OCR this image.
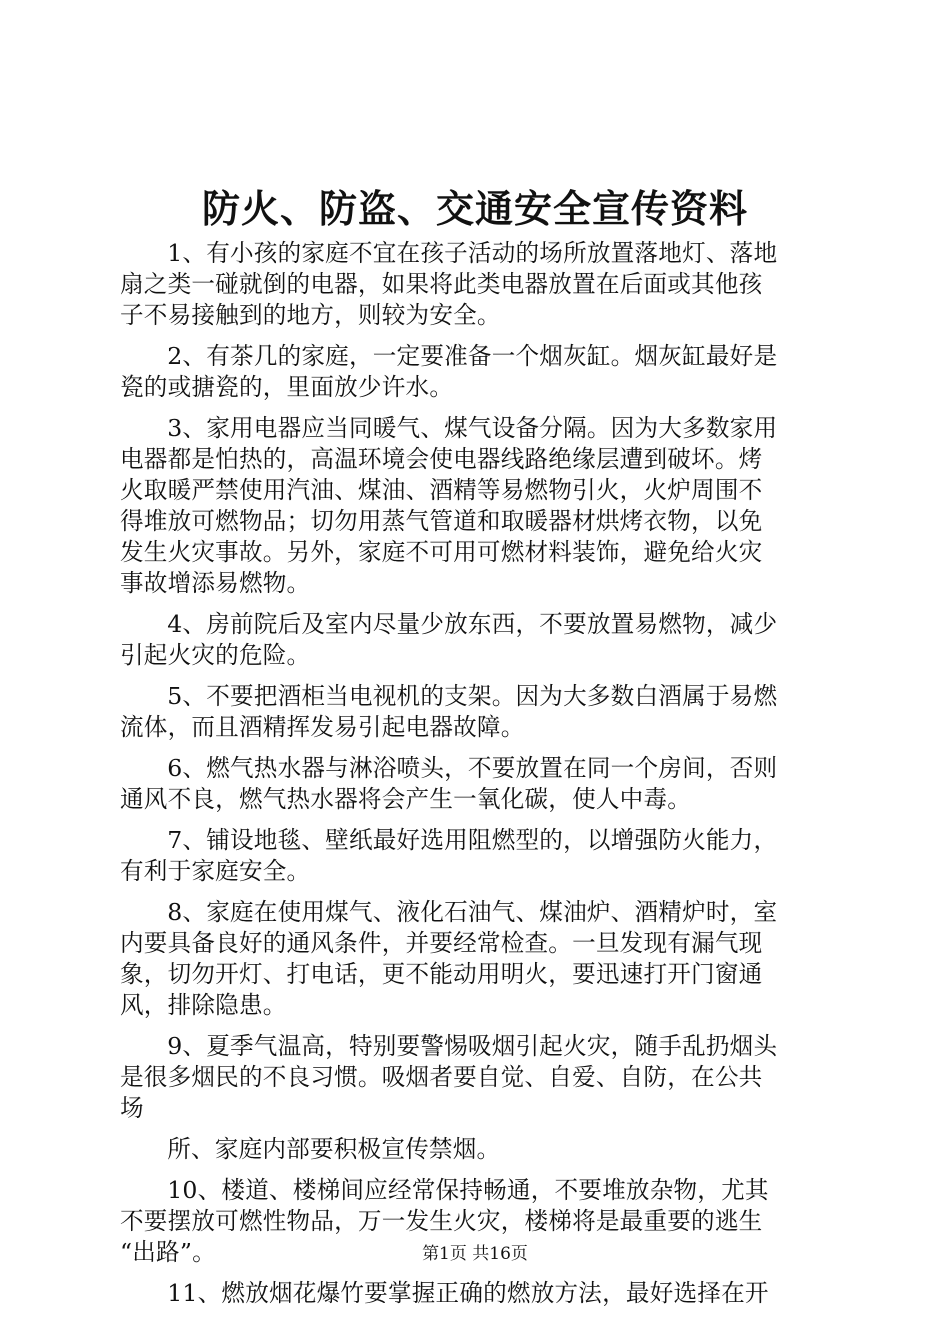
防火、防盗、交通安全宣传资料

1、有小孩的家庭不宜在孩子活动的场所放置落地灯、落地

扇之类一碰就倒的电器，如果将此类电器放置在后面或其他孩

子不易接触到的地方，则较为安全。

2、有茶几的家庭，一定要准备一个烟灰缸。烟灰缸最好是

瓷的或搪瓷的，里面放少许水。

3、家用电器应当同暖气、煤气设备分隔。因为大多数家用

电器都是怕热的，高温环境会使电器线路绝缘层遭到破坏。烤

火取暖严禁使用汽油、煤油、酒精等易燃物引火，火炉周围不

得堆放可燃物品；切勿用蒸气管道和取暖器材烘烤衣物，以免

发生火灾事故。另外，家庭不可用可燃材料装饰，避免给火灾

事故增添易燃物。

4、房前院后及室内尽量少放东西，不要放置易燃物，减少

引起火灾的危险。

5、不要把酒柜当电视机的支架。因为大多数白酒属于易燃

流体，而且酒精挥发易引起电器故障。

6、燃气热水器与淋浴喷头，不要放置在同一个房间，否则

通风不良，燃气热水器将会产生一氧化碳，使人中毒。

7、铺设地毯、壁纸最好选用阻燃型的，以增强防火能力，

有利于家庭安全。

8、家庭在使用煤气、液化石油气、煤油炉、酒精炉时，室

内要具备良好的通风条件，并要经常检查。一旦发现有漏气现

象，切勿开灯、打电话，更不能动用明火，要迅速打开门窗通

风，排除隐患。

9、夏季气温高，特别要警惕吸烟引起火灾，随手乱扔烟头

是很多烟民的不良习惯。吸烟者要自觉、自爱、自防，在公共

场

所、家庭内部要积极宣传禁烟。

10、楼道、楼梯间应经常保持畅通，不要堆放杂物，尤其

不要摆放可燃性物品，万一发生火灾，楼梯将是最重要的逃生

“出路”。

11、燃放烟花爆竹要掌握正确的燃放方法，最好选择在开

第1页 共16页
